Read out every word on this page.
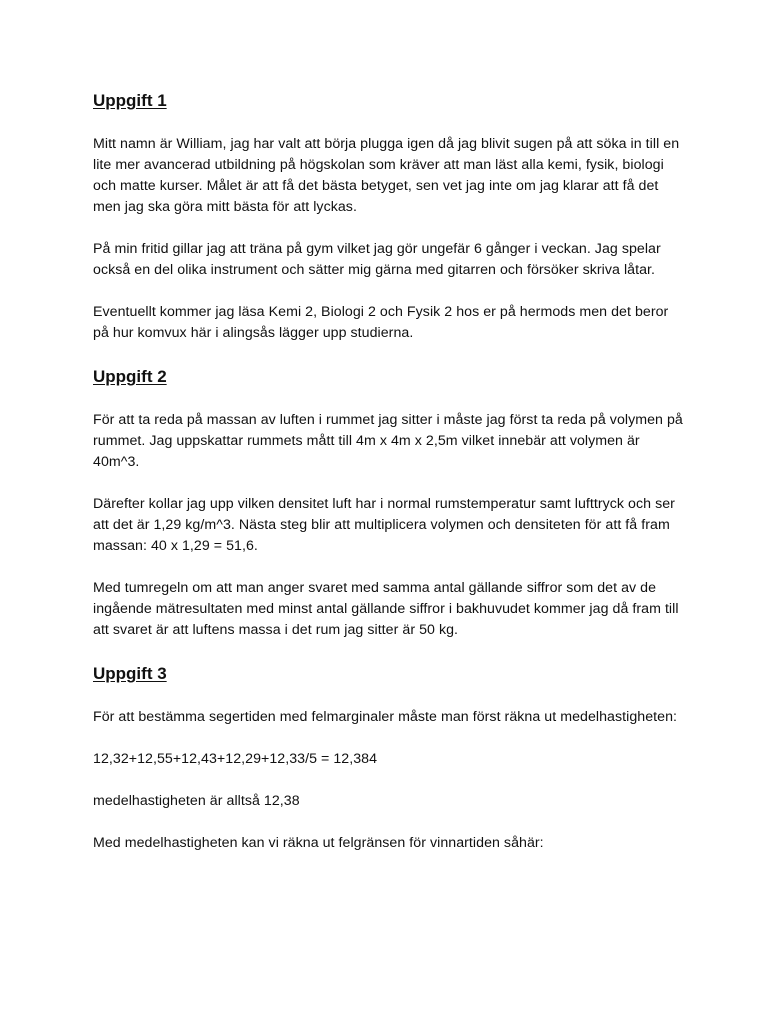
Uppgift 1

Mitt namn är William, jag har valt att börja plugga igen då jag blivit sugen på att söka in till en lite mer avancerad utbildning på högskolan som kräver att man läst alla kemi, fysik, biologi och matte kurser. Målet är att få det bästa betyget, sen vet jag inte om jag klarar att få det men jag ska göra mitt bästa för att lyckas.

På min fritid gillar jag att träna på gym vilket jag gör ungefär 6 gånger i veckan. Jag spelar också en del olika instrument och sätter mig gärna med gitarren och försöker skriva låtar.

Eventuellt kommer jag läsa Kemi 2, Biologi 2 och Fysik 2 hos er på hermods men det beror på hur komvux här i alingsås lägger upp studierna.

Uppgift 2

För att ta reda på massan av luften i rummet jag sitter i måste jag först ta reda på volymen på rummet. Jag uppskattar rummets mått till 4m x 4m x 2,5m vilket innebär att volymen är 40m^3.

Därefter kollar jag upp vilken densitet luft har i normal rumstemperatur samt lufttryck och ser att det är 1,29 kg/m^3. Nästa steg blir att multiplicera volymen och densiteten för att få fram massan: 40 x 1,29 = 51,6.

Med tumregeln om att man anger svaret med samma antal gällande siffror som det av de ingående mätresultaten med minst antal gällande siffror i bakhuvudet kommer jag då fram till att svaret är att luftens massa i det rum jag sitter är 50 kg.

Uppgift 3

För att bestämma segertiden med felmarginaler måste man först räkna ut medelhastigheten:

12,32+12,55+12,43+12,29+12,33/5 = 12,384

medelhastigheten är alltså 12,38

Med medelhastigheten kan vi räkna ut felgränsen för vinnartiden såhär:
